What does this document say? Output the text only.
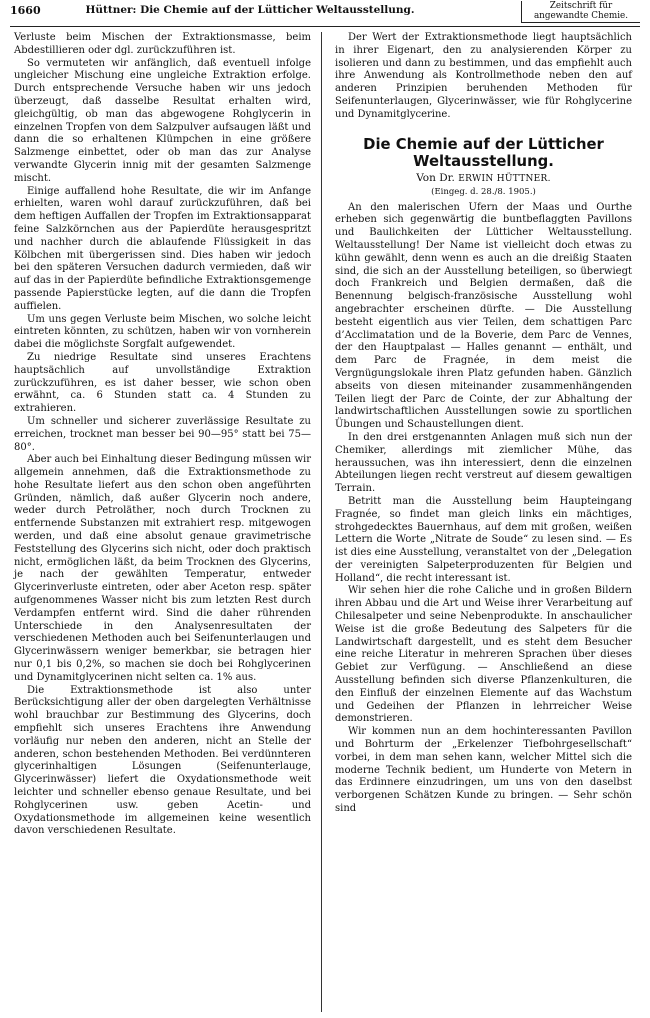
1660	Hüttner: Die Chemie auf der Lütticher Weltausstellung.	Zeitschrift für
angewandte Chemie.

Verluste beim Mischen der Extraktionsmasse, beim Abdestillieren oder dgl. zurückzuführen ist.

So vermuteten wir anfänglich, daß eventuell infolge ungleicher Mischung eine ungleiche Extraktion erfolge. Durch entsprechende Versuche haben wir uns jedoch überzeugt, daß dasselbe Resultat erhalten wird, gleichgültig, ob man das abgewogene Rohglycerin in einzelnen Tropfen von dem Salzpulver aufsaugen läßt und dann die so erhaltenen Klümpchen in eine größere Salzmenge einbettet, oder ob man das zur Analyse verwandte Glycerin innig mit der gesamten Salzmenge mischt.

Einige auffallend hohe Resultate, die wir im Anfange erhielten, waren wohl darauf zurückzuführen, daß bei dem heftigen Auffallen der Tropfen im Extraktionsapparat feine Salzkörnchen aus der Papierdüte herausgespritzt und nachher durch die ablaufende Flüssigkeit in das Kölbchen mit übergerissen sind. Dies haben wir jedoch bei den späteren Versuchen dadurch vermieden, daß wir auf das in der Papierdüte befindliche Extraktionsgemenge passende Papierstücke legten, auf die dann die Tropfen auffielen.

Um uns gegen Verluste beim Mischen, wo solche leicht eintreten könnten, zu schützen, haben wir von vornherein dabei die möglichste Sorgfalt aufgewendet.

Zu niedrige Resultate sind unseres Erachtens hauptsächlich auf unvollständige Extraktion zurückzuführen, es ist daher besser, wie schon oben erwähnt, ca. 6 Stunden statt ca. 4 Stunden zu extrahieren.

Um schneller und sicherer zuverlässige Resultate zu erreichen, trocknet man besser bei 90—95° statt bei 75—80°.

Aber auch bei Einhaltung dieser Bedingung müssen wir allgemein annehmen, daß die Extraktionsmethode zu hohe Resultate liefert aus den schon oben angeführten Gründen, nämlich, daß außer Glycerin noch andere, weder durch Petroläther, noch durch Trocknen zu entfernende Substanzen mit extrahiert resp. mitgewogen werden, und daß eine absolut genaue gravimetrische Feststellung des Glycerins sich nicht, oder doch praktisch nicht, ermöglichen läßt, da beim Trocknen des Glycerins, je nach der gewählten Temperatur, entweder Glycerinverluste eintreten, oder aber Aceton resp. später aufgenommenes Wasser nicht bis zum letzten Rest durch Verdampfen entfernt wird. Sind die daher rührenden Unterschiede in den Analysenresultaten der verschiedenen Methoden auch bei Seifenunterlaugen und Glycerinwässern weniger bemerkbar, sie betragen hier nur 0,1 bis 0,2%, so machen sie doch bei Rohglycerinen und Dynamitglycerinen nicht selten ca. 1% aus.

Die Extraktionsmethode ist also unter Berücksichtigung aller der oben dargelegten Verhältnisse wohl brauchbar zur Bestimmung des Glycerins, doch empfiehlt sich unseres Erachtens ihre Anwendung vorläufig nur neben den anderen, nicht an Stelle der anderen, schon bestehenden Methoden. Bei verdünnteren glycerinhaltigen Lösungen (Seifenunterlauge, Glycerinwässer) liefert die Oxydationsmethode weit leichter und schneller ebenso genaue Resultate, und bei Rohglycerinen usw. geben Acetin- und Oxydationsmethode im allgemeinen keine wesentlich davon verschiedenen Resultate.

Der Wert der Extraktionsmethode liegt hauptsächlich in ihrer Eigenart, den zu analysierenden Körper zu isolieren und dann zu bestimmen, und das empfiehlt auch ihre Anwendung als Kontrollmethode neben den auf anderen Prinzipien beruhenden Methoden für Seifenunterlaugen, Glycerinwässer, wie für Rohglycerine und Dynamitglycerine.

Die Chemie auf der Lütticher Weltausstellung.
Von Dr. ERWIN HÜTTNER.
(Eingeg. d. 28./8. 1905.)

An den malerischen Ufern der Maas und Ourthe erheben sich gegenwärtig die buntbeflaggten Pavillons und Baulichkeiten der Lütticher Weltausstellung. Weltausstellung! Der Name ist vielleicht doch etwas zu kühn gewählt, denn wenn es auch an die dreißig Staaten sind, die sich an der Ausstellung beteiligen, so überwiegt doch Frankreich und Belgien dermaßen, daß die Benennung belgisch-französische Ausstellung wohl angebrachter erscheinen dürfte. — Die Ausstellung besteht eigentlich aus vier Teilen, dem schattigen Parc d’Acclimatation und de la Boverie, dem Parc de Vennes, der den Hauptpalast — Halles genannt — enthält, und dem Parc de Fragnée, in dem meist die Vergnügungslokale ihren Platz gefunden haben. Gänzlich abseits von diesen miteinander zusammenhängenden Teilen liegt der Parc de Cointe, der zur Abhaltung der landwirtschaftlichen Ausstellungen sowie zu sportlichen Übungen und Schaustellungen dient.

In den drei erstgenannten Anlagen muß sich nun der Chemiker, allerdings mit ziemlicher Mühe, das heraussuchen, was ihn interessiert, denn die einzelnen Abteilungen liegen recht verstreut auf diesem gewaltigen Terrain.

Betritt man die Ausstellung beim Haupteingang Fragnée, so findet man gleich links ein mächtiges, strohgedecktes Bauernhaus, auf dem mit großen, weißen Lettern die Worte „Nitrate de Soude“ zu lesen sind. — Es ist dies eine Ausstellung, veranstaltet von der „Delegation der vereinigten Salpeterproduzenten für Belgien und Holland“, die recht interessant ist.

Wir sehen hier die rohe Caliche und in großen Bildern ihren Abbau und die Art und Weise ihrer Verarbeitung auf Chilesalpeter und seine Nebenprodukte. In anschaulicher Weise ist die große Bedeutung des Salpeters für die Landwirtschaft dargestellt, und es steht dem Besucher eine reiche Literatur in mehreren Sprachen über dieses Gebiet zur Verfügung. — Anschließend an diese Ausstellung befinden sich diverse Pflanzenkulturen, die den Einfluß der einzelnen Elemente auf das Wachstum und Gedeihen der Pflanzen in lehrreicher Weise demonstrieren.

Wir kommen nun an dem hochinteressanten Pavillon und Bohrturm der „Erkelenzer Tiefbohrgesellschaft“ vorbei, in dem man sehen kann, welcher Mittel sich die moderne Technik bedient, um Hunderte von Metern in das Erdinnere einzudringen, um uns von den daselbst verborgenen Schätzen Kunde zu bringen. — Sehr schön sind
